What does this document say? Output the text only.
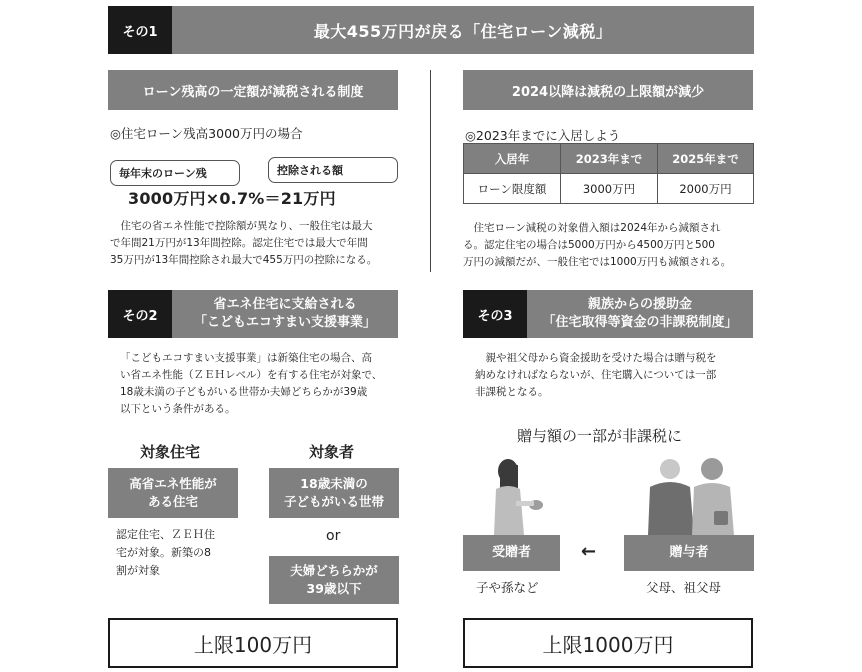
その1	最大455万円が戻る「住宅ローン減税」
ローン残高の一定額が減税される制度
◎住宅ローン残高3000万円の場合
毎年末のローン残	控除される額
3000万円×0.7%＝21万円
　住宅の省エネ性能で控除額が異なり、一般住宅は最大
で年間21万円が13年間控除。認定住宅では最大で年間
35万円が13年間控除され最大で455万円の控除になる。
2024以降は減税の上限額が減少
◎2023年までに入居しよう
入居年	2023年まで	2025年まで
ローン限度額	3000万円	2000万円
　住宅ローン減税の対象借入額は2024年から減額され
る。認定住宅の場合は5000万円から4500万円と500
万円の減額だが、一般住宅では1000万円も減額される。
その2
省エネ住宅に支給される
「こどもエコすまい支援事業」
「こどもエコすまい支援事業」は新築住宅の場合、高
い省エネ性能（ＺＥＨレベル）を有する住宅が対象で、
18歳未満の子どもがいる世帯か夫婦どちらかが39歳
以下という条件がある。
対象住宅	対象者
高省エネ性能が
ある住宅
認定住宅、ＺＥＨ住
宅が対象。新築の8
割が対象
18歳未満の
子どもがいる世帯
or
夫婦どちらかが
39歳以下
上限100万円
その3
親族からの援助金
「住宅取得等資金の非課税制度」
　親や祖父母から資金援助を受けた場合は贈与税を
納めなければならないが、住宅購入については一部
非課税となる。
贈与額の一部が非課税に
受贈者	←	贈与者
子や孫など	父母、祖父母
上限1000万円
